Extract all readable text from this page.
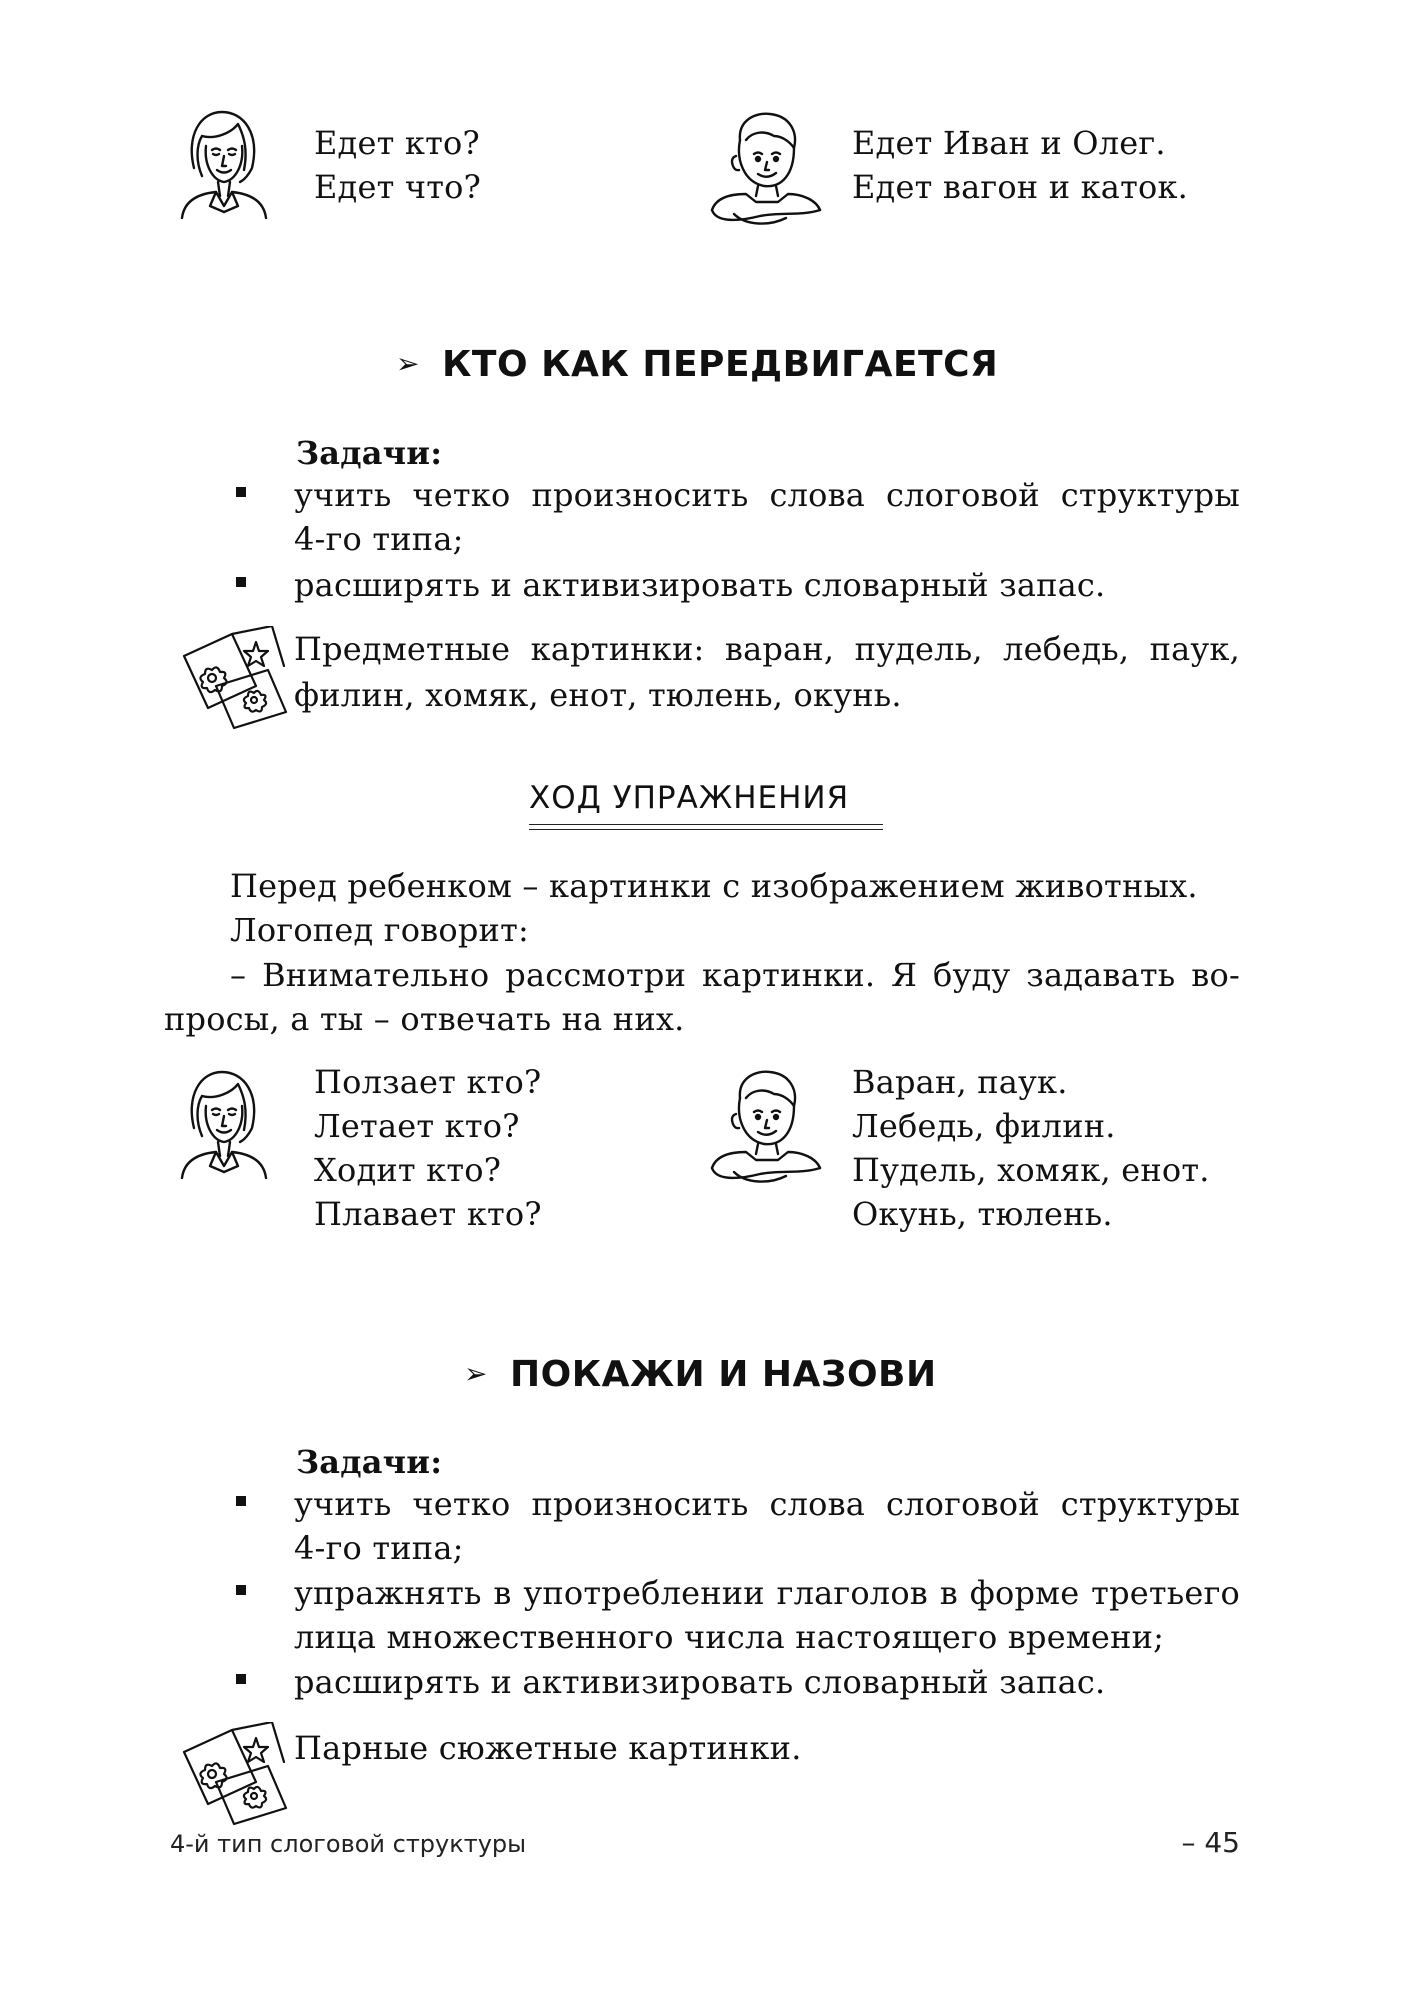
Едет кто?
Едет что?
Едет Иван и Олег.
Едет вагон и каток.
➢ КТО КАК ПЕРЕДВИГАЕТСЯ
Задачи:
учить четко произносить слова слоговой структуры
4-го типа;
расширять и активизировать словарный запас.
Предметные картинки: варан, пудель, лебедь, паук,
филин, хомяк, енот, тюлень, окунь.
ХОД УПРАЖНЕНИЯ
Перед ребенком – картинки с изображением животных.
Логопед говорит:
– Внимательно рассмотри картинки. Я буду задавать во-
просы, а ты – отвечать на них.
Ползает кто?
Летает кто?
Ходит кто?
Плавает кто?
Варан, паук.
Лебедь, филин.
Пудель, хомяк, енот.
Окунь, тюлень.
➢ ПОКАЖИ И НАЗОВИ
Задачи:
учить четко произносить слова слоговой структуры
4-го типа;
упражнять в употреблении глаголов в форме третьего
лица множественного числа настоящего времени;
расширять и активизировать словарный запас.
Парные сюжетные картинки.
4-й тип слоговой структуры	– 45
